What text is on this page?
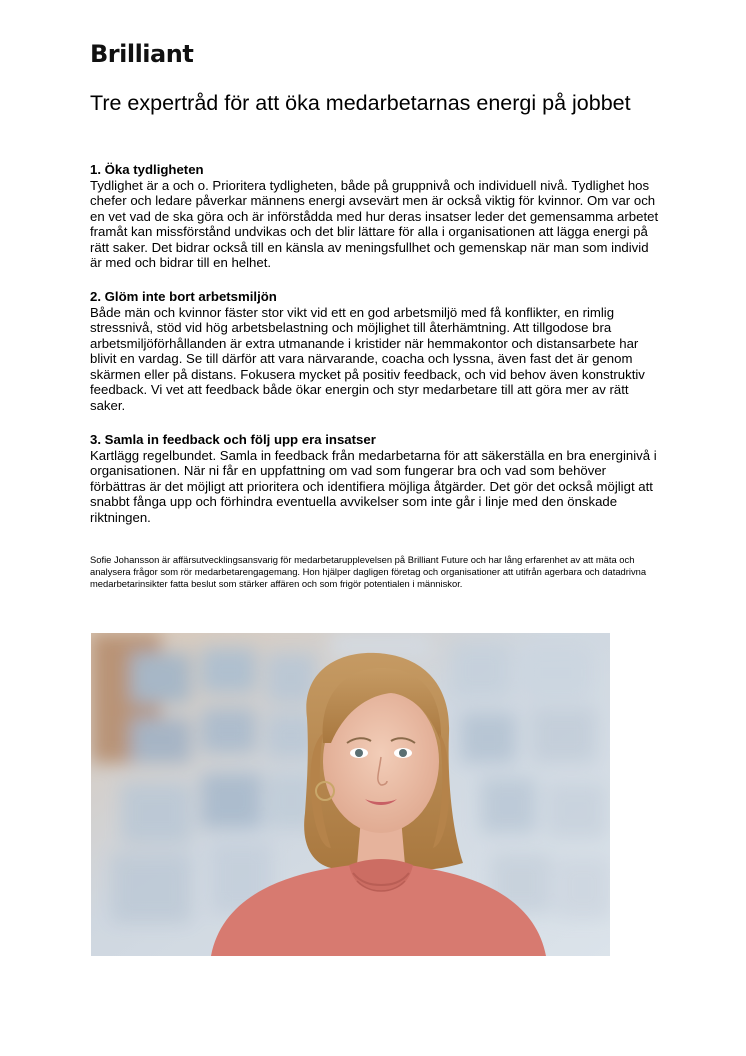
Brilliant
Tre expertråd för att öka medarbetarnas energi på jobbet
1. Öka tydligheten
Tydlighet är a och o. Prioritera tydligheten, både på gruppnivå och individuell nivå. Tydlighet hos chefer och ledare påverkar männens energi avsevärt men är också viktig för kvinnor. Om var och en vet vad de ska göra och är införstådda med hur deras insatser leder det gemensamma arbetet framåt kan missförstånd undvikas och det blir lättare för alla i organisationen att lägga energi på rätt saker. Det bidrar också till en känsla av meningsfullhet och gemenskap när man som individ är med och bidrar till en helhet.
2. Glöm inte bort arbetsmiljön
Både män och kvinnor fäster stor vikt vid ett en god arbetsmiljö med få konflikter, en rimlig stressnivå, stöd vid hög arbetsbelastning och möjlighet till återhämtning. Att tillgodose bra arbetsmiljöförhållanden är extra utmanande i kristider när hemmakontor och distansarbete har blivit en vardag. Se till därför att vara närvarande, coacha och lyssna, även fast det är genom skärmen eller på distans. Fokusera mycket på positiv feedback, och vid behov även konstruktiv feedback. Vi vet att feedback både ökar energin och styr medarbetare till att göra mer av rätt saker.
3. Samla in feedback och följ upp era insatser
Kartlägg regelbundet. Samla in feedback från medarbetarna för att säkerställa en bra energinivå i organisationen. När ni får en uppfattning om vad som fungerar bra och vad som behöver förbättras är det möjligt att prioritera och identifiera möjliga åtgärder. Det gör det också möjligt att snabbt fånga upp och förhindra eventuella avvikelser som inte går i linje med den önskade riktningen.

Sofie Johansson är affärsutvecklingsansvarig för medarbetarupplevelsen på Brilliant Future och har lång erfarenhet av att mäta och analysera frågor som rör medarbetarengagemang. Hon hjälper dagligen företag och organisationer att utifrån agerbara och datadrivna medarbetarinsikter fatta beslut som stärker affären och som frigör potentialen i människor.
